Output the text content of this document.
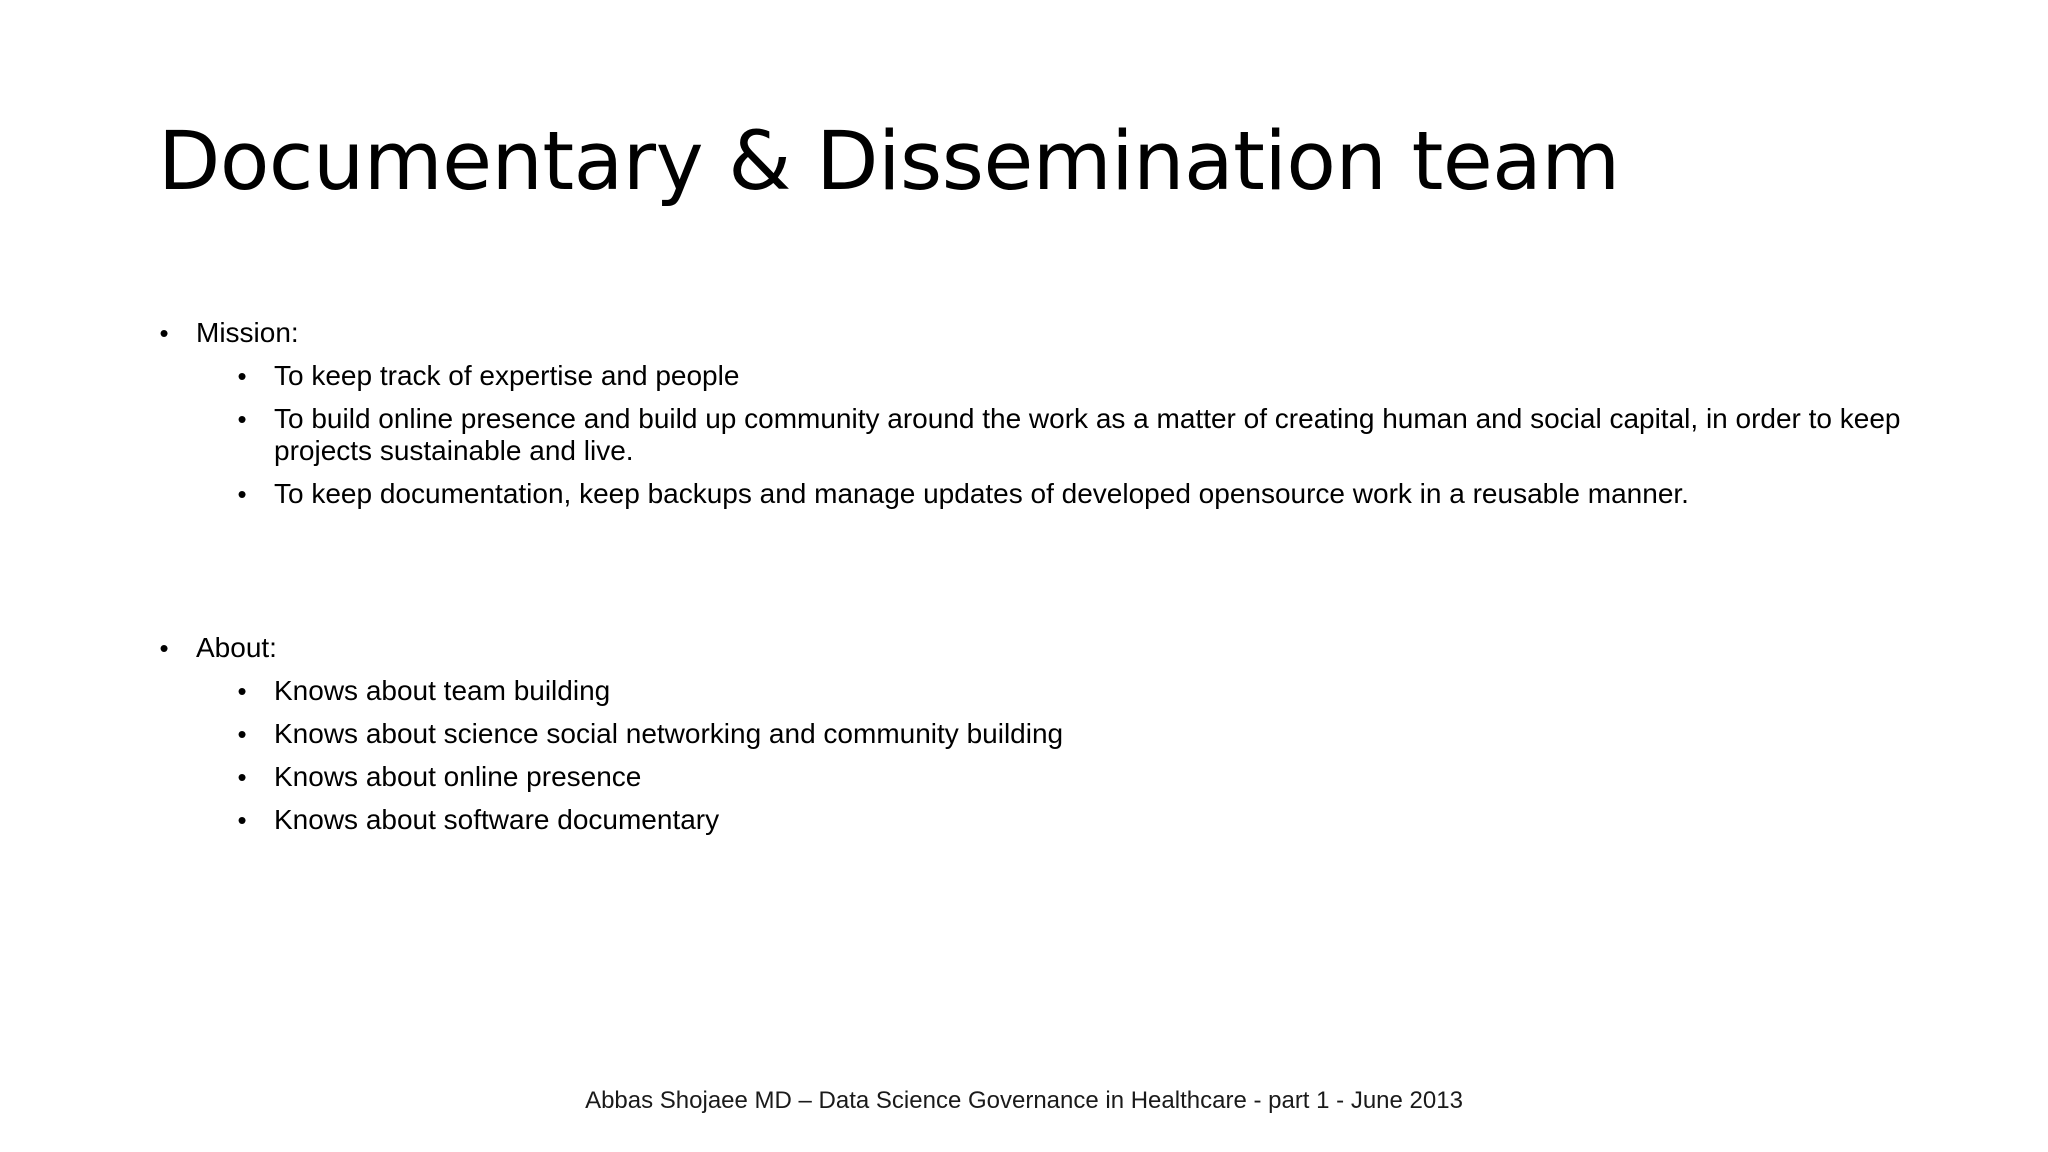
Documentary & Dissemination team
• Mission:
• To keep track of expertise and people
• To build online presence and build up community around the work as a matter of creating human and social capital, in order to keep projects sustainable and live.
• To keep documentation, keep backups and manage updates of developed opensource work in a reusable manner.
• About:
• Knows about team building
• Knows about science social networking and community building
• Knows about online presence
• Knows about software documentary
Abbas Shojaee MD – Data Science Governance in Healthcare - part 1 - June 2013
